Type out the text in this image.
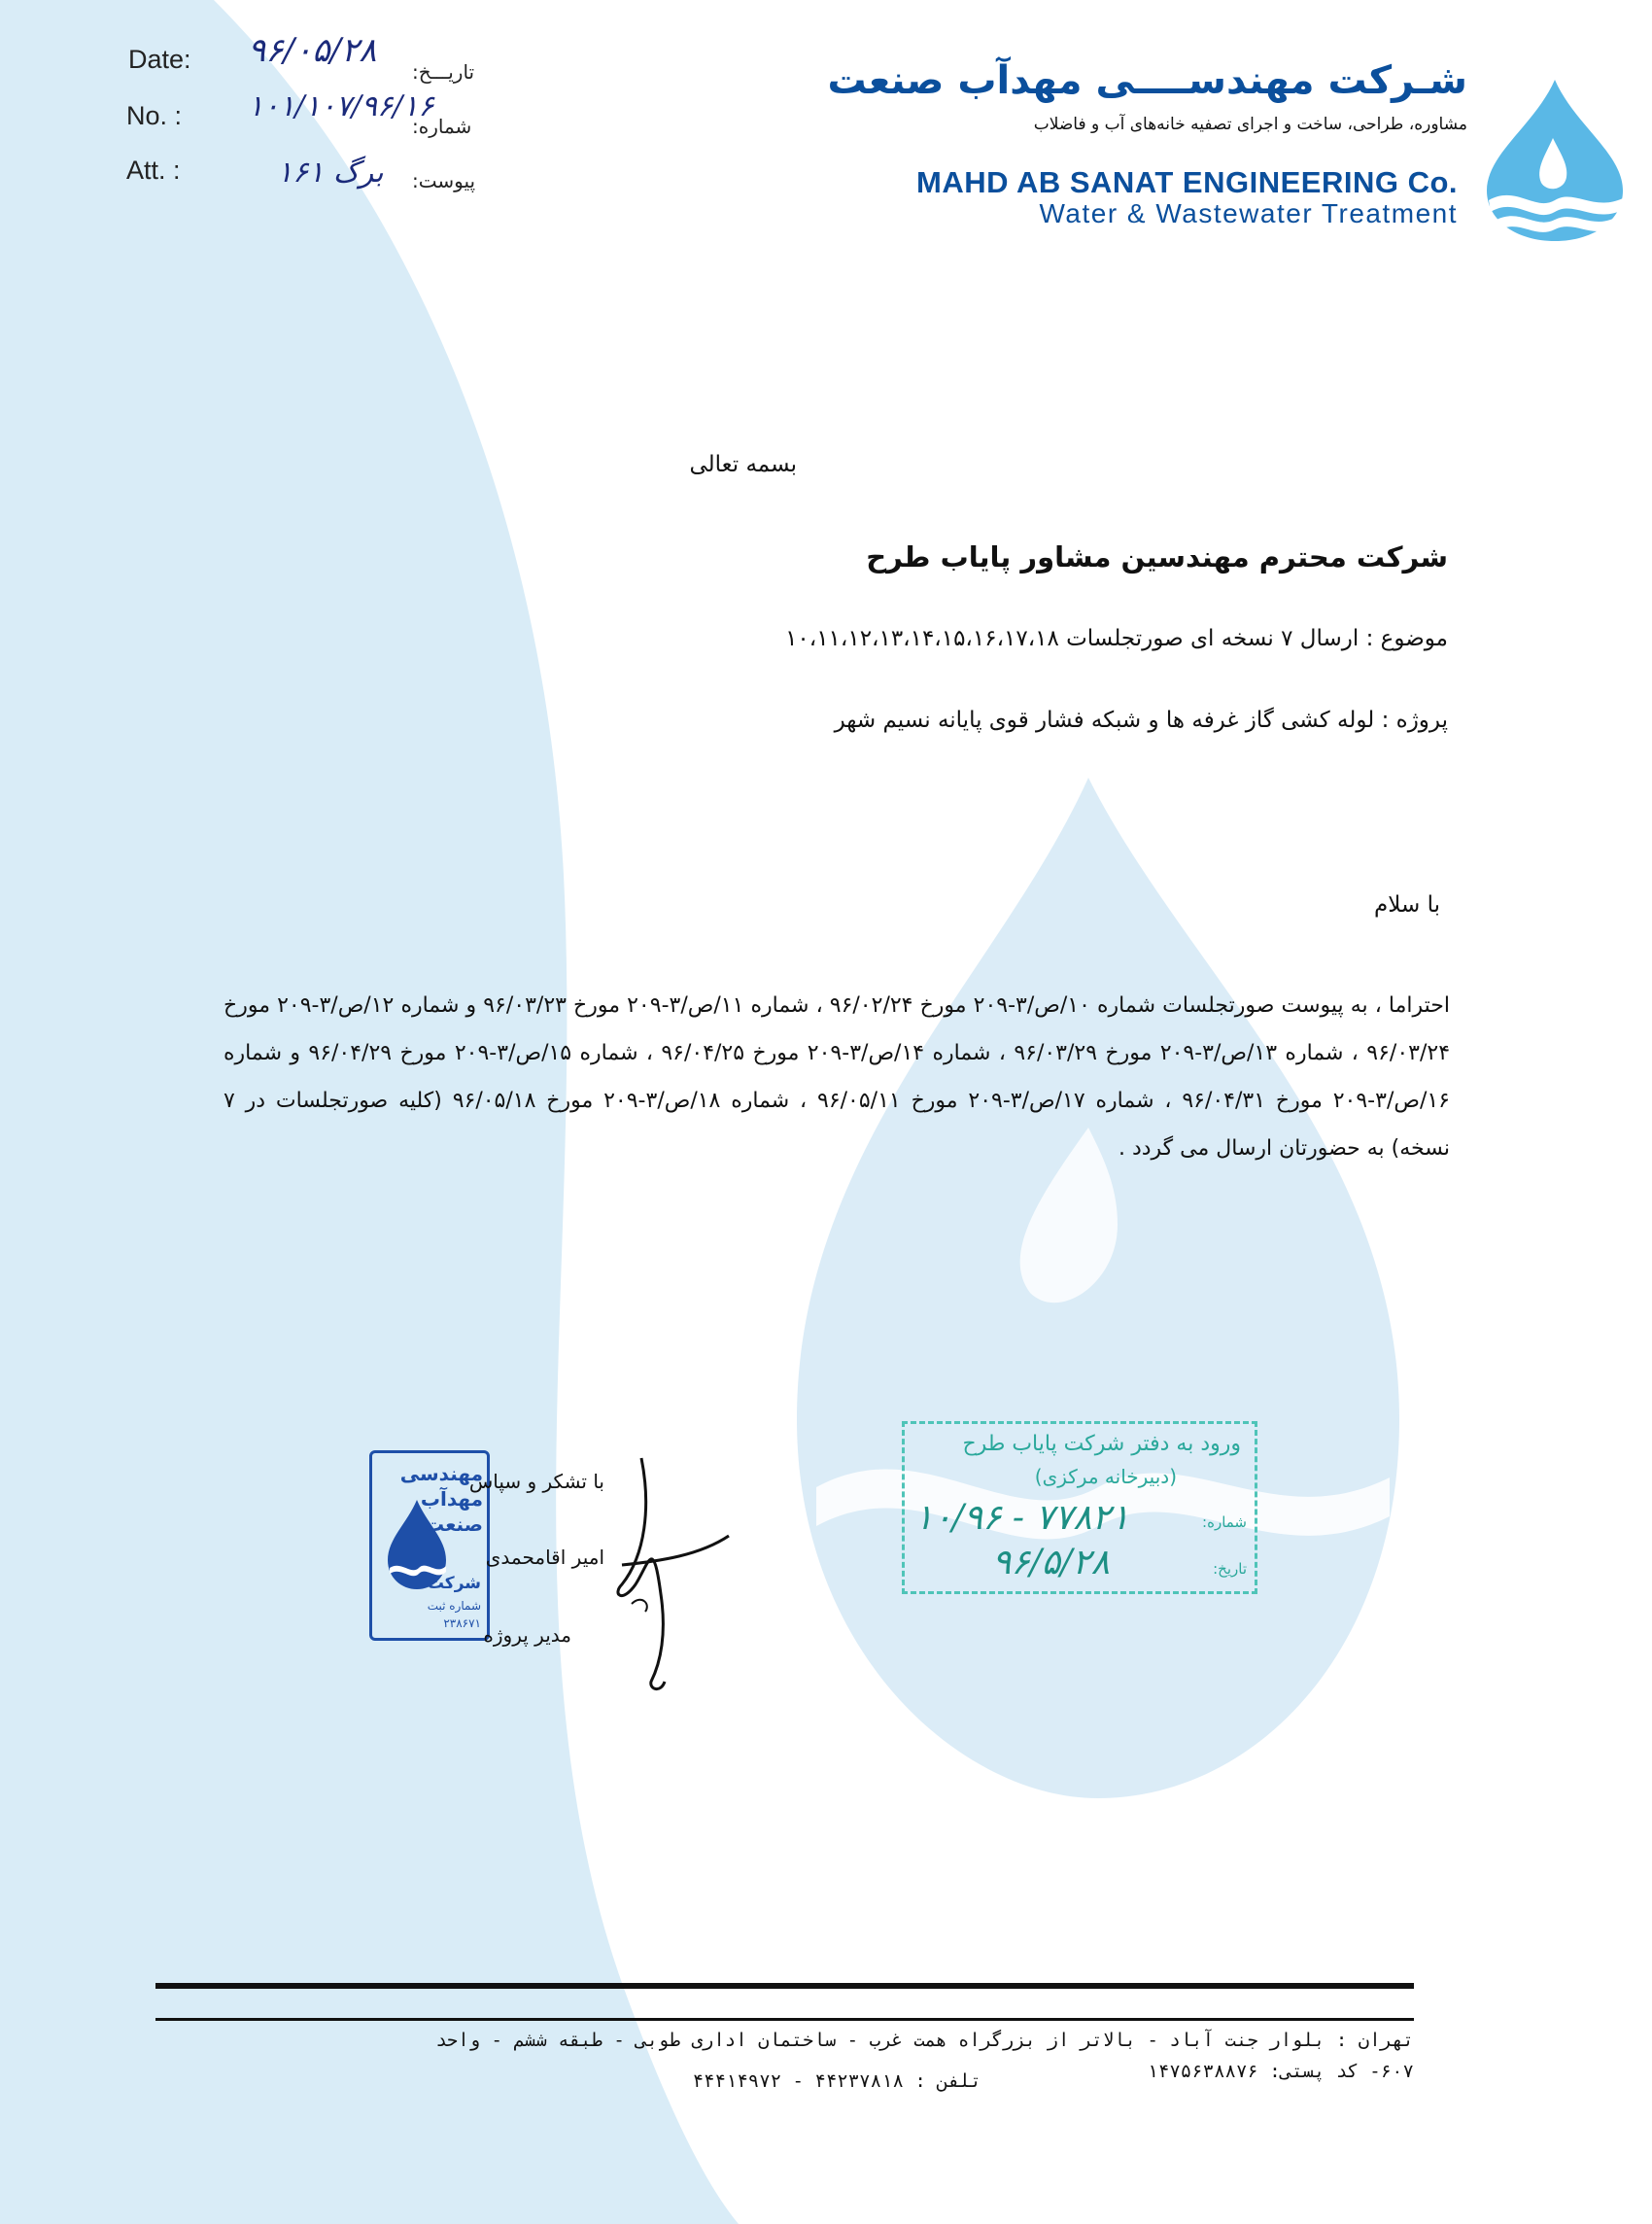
Date:
No. :
Att. :
۹۶/۰۵/۲۸
۱۰۱/۱۰۷/۹۶/۱۶
۱۶۱ برگ
تاریـــخ:
شماره:
پیوست:
شـرکت مهندســــی مهدآب صنعت
مشاوره، طراحی، ساخت و اجرای تصفیه خانه‌های آب و فاضلاب
MAHD AB SANAT ENGINEERING Co.
Water & Wastewater Treatment
بسمه تعالی
شرکت محترم مهندسین مشاور پایاب طرح
موضوع : ارسال ۷ نسخه ای صورتجلسات ۱۰،۱۱،۱۲،۱۳،۱۴،۱۵،۱۶،۱۷،۱۸
پروژه : لوله کشی گاز غرفه ها و شبکه فشار قوی پایانه نسیم شهر
با سلام
احتراما ، به پیوست صورتجلسات شماره ۱۰/ص/۳-۲۰۹ مورخ ۹۶/۰۲/۲۴ ، شماره ۱۱/ص/۳-۲۰۹ مورخ ۹۶/۰۳/۲۳ و شماره ۱۲/ص/۳-۲۰۹ مورخ ۹۶/۰۳/۲۴ ، شماره ۱۳/ص/۳-۲۰۹ مورخ ۹۶/۰۳/۲۹ ، شماره ۱۴/ص/۳-۲۰۹ مورخ ۹۶/۰۴/۲۵ ، شماره ۱۵/ص/۳-۲۰۹ مورخ ۹۶/۰۴/۲۹ و شماره ۱۶/ص/۳-۲۰۹ مورخ ۹۶/۰۴/۳۱ ، شماره ۱۷/ص/۳-۲۰۹ مورخ ۹۶/۰۵/۱۱ ، شماره ۱۸/ص/۳-۲۰۹ مورخ ۹۶/۰۵/۱۸ (کلیه صورتجلسات در ۷ نسخه) به حضورتان ارسال می گردد .
مهندسی مهدآب صنعت
شرکت
شماره ثبت
۲۳۸۶۷۱
با تشکر و سپاس
امیر اقامحمدی
مدیر پروژه
ورود به دفتر شرکت پایاب طرح
(دبیرخانه مرکزی)
شماره:
۱۰/۹۶ - ۷۷۸۲۱
تاریخ:
۹۶/۵/۲۸
تهران : بلوار جنت آباد - بالاتر از بزرگراه همت غرب - ساختمان اداری طوبی - طبقه ششم - واحد
۶۰۷- کد پستی: ۱۴۷۵۶۳۸۸۷۶
تلفن : ۴۴۲۳۷۸۱۸ - ۴۴۴۱۴۹۷۲
